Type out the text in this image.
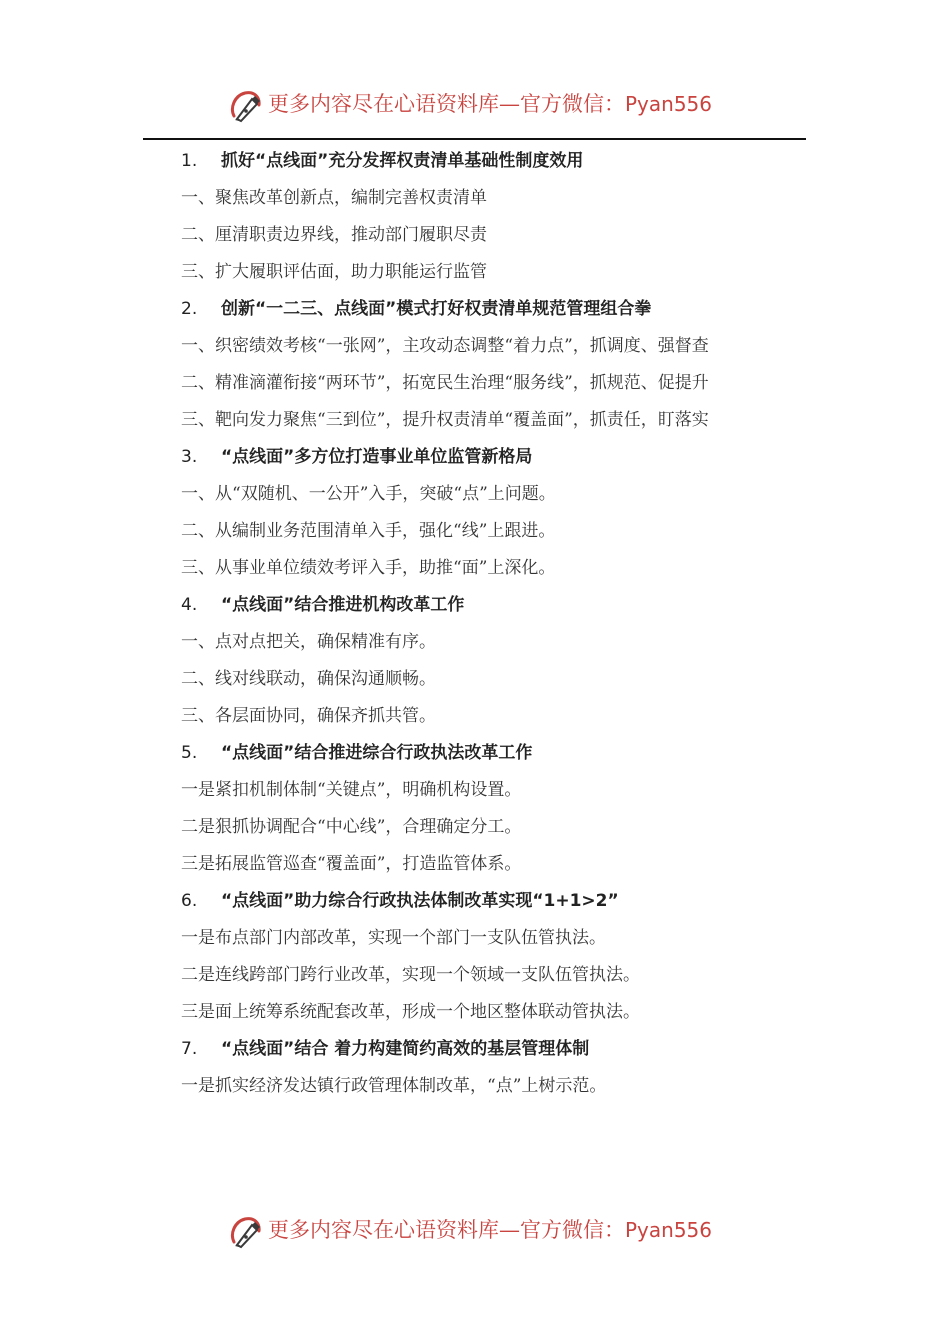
更多内容尽在心语资料库—官方微信：Pyan556
1. 抓好“点线面”充分发挥权责清单基础性制度效用
一、聚焦改革创新点，编制完善权责清单
二、厘清职责边界线，推动部门履职尽责
三、扩大履职评估面，助力职能运行监管
2. 创新“一二三、点线面”模式打好权责清单规范管理组合拳
一、织密绩效考核“一张网”，主攻动态调整“着力点”，抓调度、强督查
二、精准滴灌衔接“两环节”，拓宽民生治理“服务线”，抓规范、促提升
三、靶向发力聚焦“三到位”，提升权责清单“覆盖面”，抓责任，盯落实
3. “点线面”多方位打造事业单位监管新格局
一、从“双随机、一公开”入手，突破“点”上问题。
二、从编制业务范围清单入手，强化“线”上跟进。
三、从事业单位绩效考评入手，助推“面”上深化。
4. “点线面”结合推进机构改革工作
一、点对点把关，确保精准有序。
二、线对线联动，确保沟通顺畅。
三、各层面协同，确保齐抓共管。
5. “点线面”结合推进综合行政执法改革工作
一是紧扣机制体制“关键点”，明确机构设置。
二是狠抓协调配合“中心线”，合理确定分工。
三是拓展监管巡查“覆盖面”，打造监管体系。
6. “点线面”助力综合行政执法体制改革实现“1+1>2”
一是布点部门内部改革，实现一个部门一支队伍管执法。
二是连线跨部门跨行业改革，实现一个领域一支队伍管执法。
三是面上统筹系统配套改革，形成一个地区整体联动管执法。
7. “点线面”结合 着力构建简约高效的基层管理体制
一是抓实经济发达镇行政管理体制改革，“点”上树示范。
更多内容尽在心语资料库—官方微信：Pyan556
